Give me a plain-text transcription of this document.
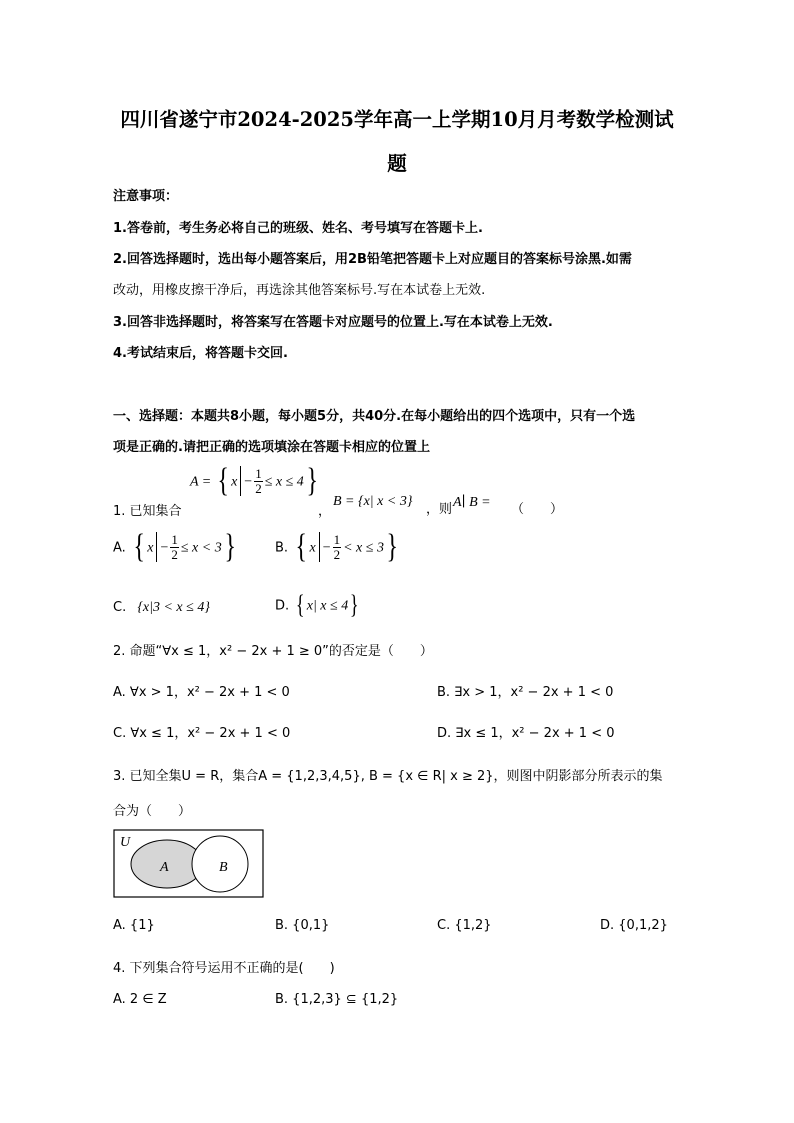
四川省遂宁市2024-2025学年高一上学期10月月考数学检测试
题
注意事项：
1.答卷前，考生务必将自己的班级、姓名、考号填写在答题卡上.
2.回答选择题时，选出每小题答案后，用2B铅笔把答题卡上对应题目的答案标号涂黑.如需
改动，用橡皮擦干净后，再选涂其他答案标号.写在本试卷上无效.
3.回答非选择题时，将答案写在答题卡对应题号的位置上.写在本试卷上无效.
4.考试结束后，将答题卡交回.
一、选择题：本题共8小题，每小题5分，共40分.在每小题给出的四个选项中，只有一个选
项是正确的.请把正确的选项填涂在答题卡相应的位置上
A = { $x - \frac{1}{2} \le x \le 4$}
1. 已知集合	，
B = {x| x < 3}
，则 A∣ B = （　　）
A. { $x - \frac{1}{2} \le x < 3$}	B. { $x - \frac{1}{2} < x \le 3$}
C. {x|3 < x ≤ 4}	D. { x| x ≤ 4}
2. 命题“∀x ≤ 1，x² − 2x + 1 ≥ 0”的否定是（　　）
A. ∀x > 1，x² − 2x + 1 < 0	B. ∃x > 1，x² − 2x + 1 < 0
C. ∀x ≤ 1，x² − 2x + 1 < 0	D. ∃x ≤ 1，x² − 2x + 1 < 0
3. 已知全集U = R，集合A = {1,2,3,4,5}, B = {x ∈ R| x ≥ 2}，则图中阴影部分所表示的集
合为（　　）
U
A	B
A. {1}	B. {0,1}	C. {1,2}	D. {0,1,2}
4. 下列集合符号运用不正确的是(　　)
A. 2 ∈ Z	B. {1,2,3} ⊆ {1,2}
